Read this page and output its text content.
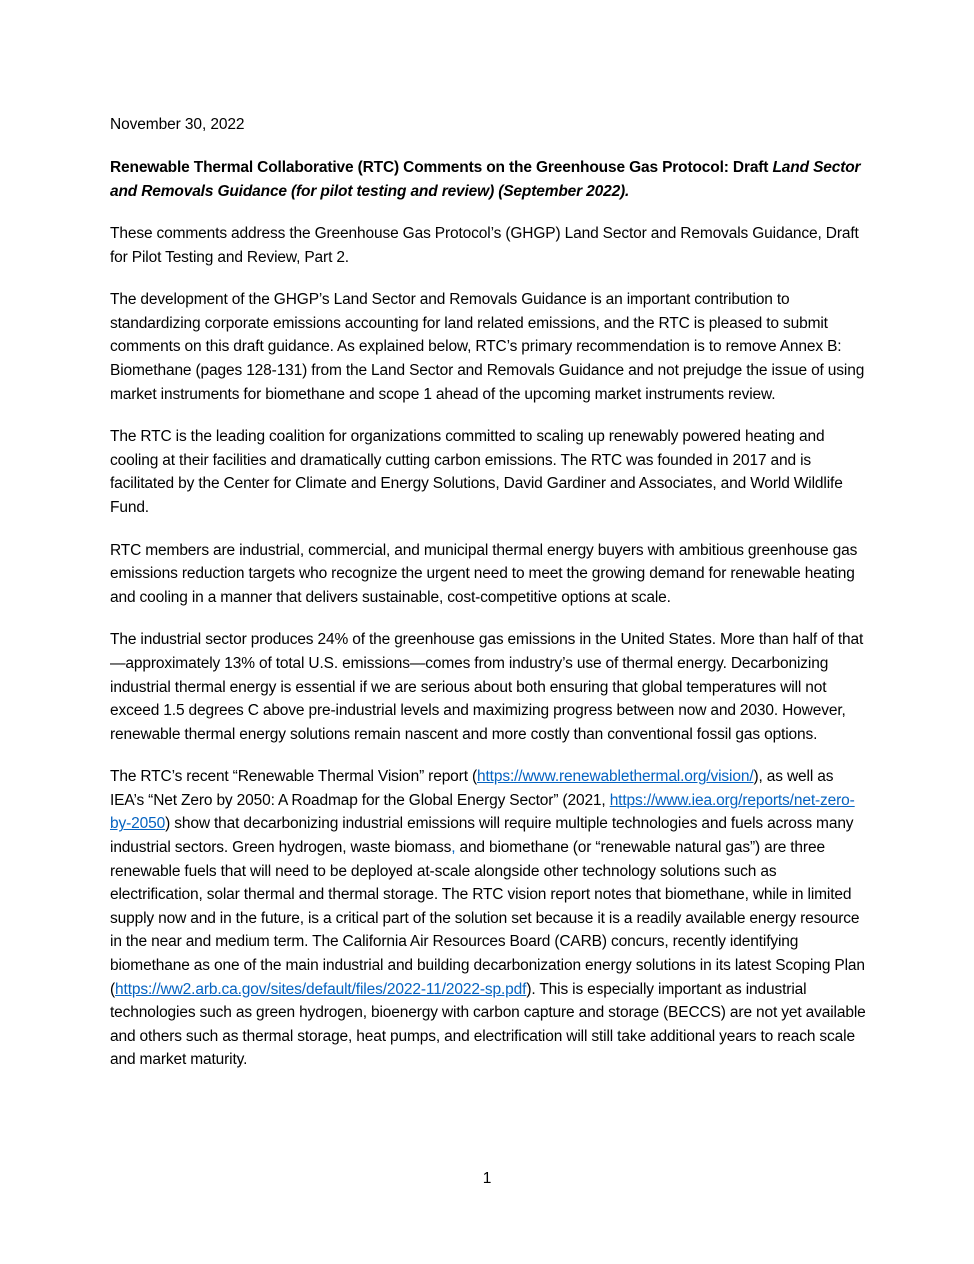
November 30, 2022
Renewable Thermal Collaborative (RTC) Comments on the Greenhouse Gas Protocol: Draft Land Sector and Removals Guidance (for pilot testing and review) (September 2022).

These comments address the Greenhouse Gas Protocol’s (GHGP) Land Sector and Removals Guidance, Draft for Pilot Testing and Review, Part 2.

The development of the GHGP’s Land Sector and Removals Guidance is an important contribution to standardizing corporate emissions accounting for land related emissions, and the RTC is pleased to submit comments on this draft guidance. As explained below, RTC’s primary recommendation is to remove Annex B: Biomethane (pages 128-131) from the Land Sector and Removals Guidance and not prejudge the issue of using market instruments for biomethane and scope 1 ahead of the upcoming market instruments review.

The RTC is the leading coalition for organizations committed to scaling up renewably powered heating and cooling at their facilities and dramatically cutting carbon emissions. The RTC was founded in 2017 and is facilitated by the Center for Climate and Energy Solutions, David Gardiner and Associates, and World Wildlife Fund.

RTC members are industrial, commercial, and municipal thermal energy buyers with ambitious greenhouse gas emissions reduction targets who recognize the urgent need to meet the growing demand for renewable heating and cooling in a manner that delivers sustainable, cost-competitive options at scale.

The industrial sector produces 24% of the greenhouse gas emissions in the United States. More than half of that—approximately 13% of total U.S. emissions—comes from industry’s use of thermal energy. Decarbonizing industrial thermal energy is essential if we are serious about both ensuring that global temperatures will not exceed 1.5 degrees C above pre-industrial levels and maximizing progress between now and 2030. However, renewable thermal energy solutions remain nascent and more costly than conventional fossil gas options.

The RTC’s recent “Renewable Thermal Vision” report (https://www.renewablethermal.org/vision/), as well as IEA’s “Net Zero by 2050: A Roadmap for the Global Energy Sector” (2021, https://www.iea.org/reports/net-zero-by-2050) show that decarbonizing industrial emissions will require multiple technologies and fuels across many industrial sectors. Green hydrogen, waste biomass, and biomethane (or “renewable natural gas”) are three renewable fuels that will need to be deployed at-scale alongside other technology solutions such as electrification, solar thermal and thermal storage. The RTC vision report notes that biomethane, while in limited supply now and in the future, is a critical part of the solution set because it is a readily available energy resource in the near and medium term. The California Air Resources Board (CARB) concurs, recently identifying biomethane as one of the main industrial and building decarbonization energy solutions in its latest Scoping Plan (https://ww2.arb.ca.gov/sites/default/files/2022-11/2022-sp.pdf). This is especially important as industrial technologies such as green hydrogen, bioenergy with carbon capture and storage (BECCS) are not yet available and others such as thermal storage, heat pumps, and electrification will still take additional years to reach scale and market maturity.

1
